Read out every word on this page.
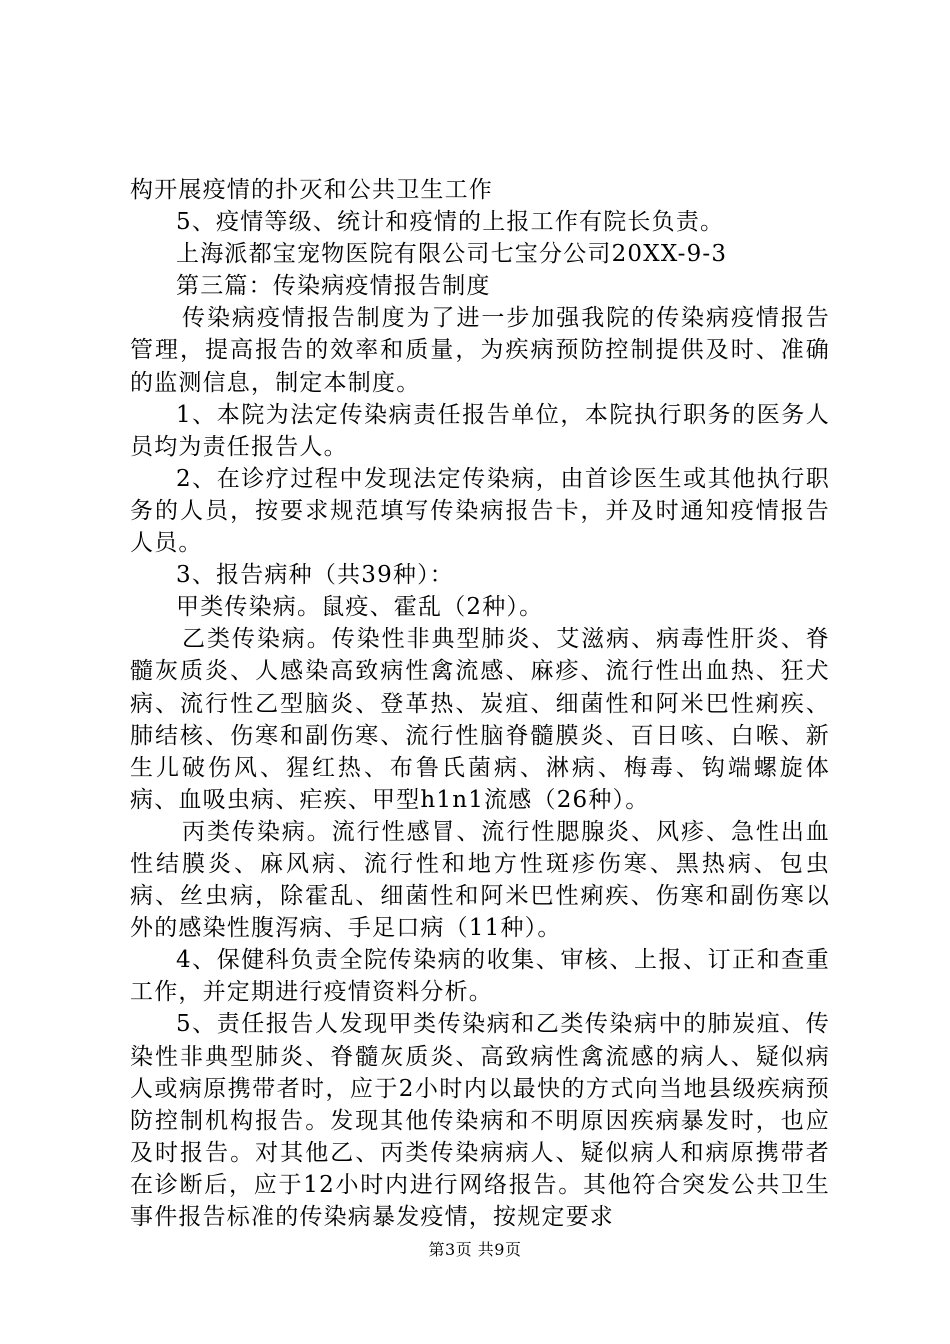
构开展疫情的扑灭和公共卫生工作

5、疫情等级、统计和疫情的上报工作有院长负责。

上海派都宝宠物医院有限公司七宝分公司20XX-9-3

第三篇：传染病疫情报告制度

传染病疫情报告制度为了进一步加强我院的传染病疫情报告管理，提高报告的效率和质量，为疾病预防控制提供及时、准确的监测信息，制定本制度。

1、本院为法定传染病责任报告单位，本院执行职务的医务人员均为责任报告人。

2、在诊疗过程中发现法定传染病，由首诊医生或其他执行职务的人员，按要求规范填写传染病报告卡，并及时通知疫情报告人员。

3、报告病种（共39种）：

甲类传染病。鼠疫、霍乱（2种）。

乙类传染病。传染性非典型肺炎、艾滋病、病毒性肝炎、脊髓灰质炎、人感染高致病性禽流感、麻疹、流行性出血热、狂犬病、流行性乙型脑炎、登革热、炭疽、细菌性和阿米巴性痢疾、肺结核、伤寒和副伤寒、流行性脑脊髓膜炎、百日咳、白喉、新生儿破伤风、猩红热、布鲁氏菌病、淋病、梅毒、钩端螺旋体病、血吸虫病、疟疾、甲型h1n1流感（26种）。

丙类传染病。流行性感冒、流行性腮腺炎、风疹、急性出血性结膜炎、麻风病、流行性和地方性斑疹伤寒、黑热病、包虫病、丝虫病，除霍乱、细菌性和阿米巴性痢疾、伤寒和副伤寒以外的感染性腹泻病、手足口病（11种）。

4、保健科负责全院传染病的收集、审核、上报、订正和查重工作，并定期进行疫情资料分析。

5、责任报告人发现甲类传染病和乙类传染病中的肺炭疽、传染性非典型肺炎、脊髓灰质炎、高致病性禽流感的病人、疑似病人或病原携带者时，应于2小时内以最快的方式向当地县级疾病预防控制机构报告。发现其他传染病和不明原因疾病暴发时，也应及时报告。对其他乙、丙类传染病病人、疑似病人和病原携带者在诊断后，应于12小时内进行网络报告。其他符合突发公共卫生事件报告标准的传染病暴发疫情，按规定要求

第3页 共9页
